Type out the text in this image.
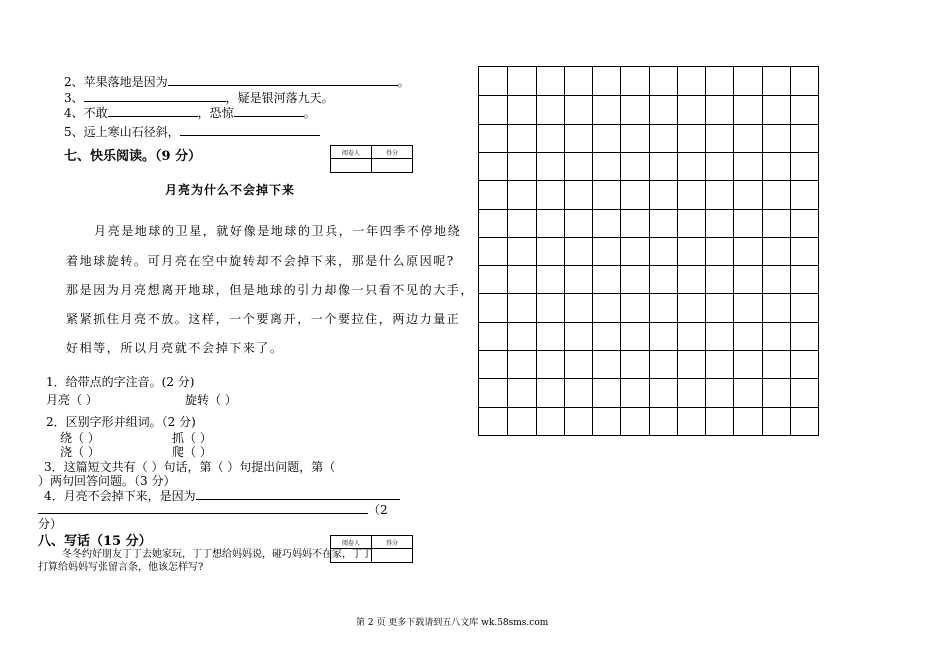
2、苹果落地是因为	。
3、	，疑是银河落九天。
4、不敢	，恐惊	。
5、远上寒山石径斜，
七、快乐阅读。（9 分）	阅卷人	得分

月亮为什么不会掉下来
月亮是地球的卫星，就好像是地球的卫兵，一年四季不停地绕
着地球旋转。可月亮在空中旋转却不会掉下来，那是什么原因呢?
那是因为月亮想离开地球，但是地球的引力却像一只看不见的大手，
紧紧抓住月亮不放。这样，一个要离开，一个要拉住，两边力量正
好相等，所以月亮就不会掉下来了。
1．给带点的字注音。(2 分)
月亮（ ）	旋转（ ）
2．区别字形并组词。（2 分)
绕（ ）	抓（ ）
浇（ ）	爬（ ）
3．这篇短文共有（ ）句话，第（ ）句提出问题，第（
）两句回答问题。（3 分）
4．月亮不会掉下来，是因为
（2
分）
八、写话（15 分）	阅卷人	得分

冬冬约好朋友丁丁去她家玩，丁丁想给妈妈说，碰巧妈妈不在家，丁丁
打算给妈妈写张留言条，他该怎样写?
第 2 页 更多下载请到五八文库 wk.58sms.com
